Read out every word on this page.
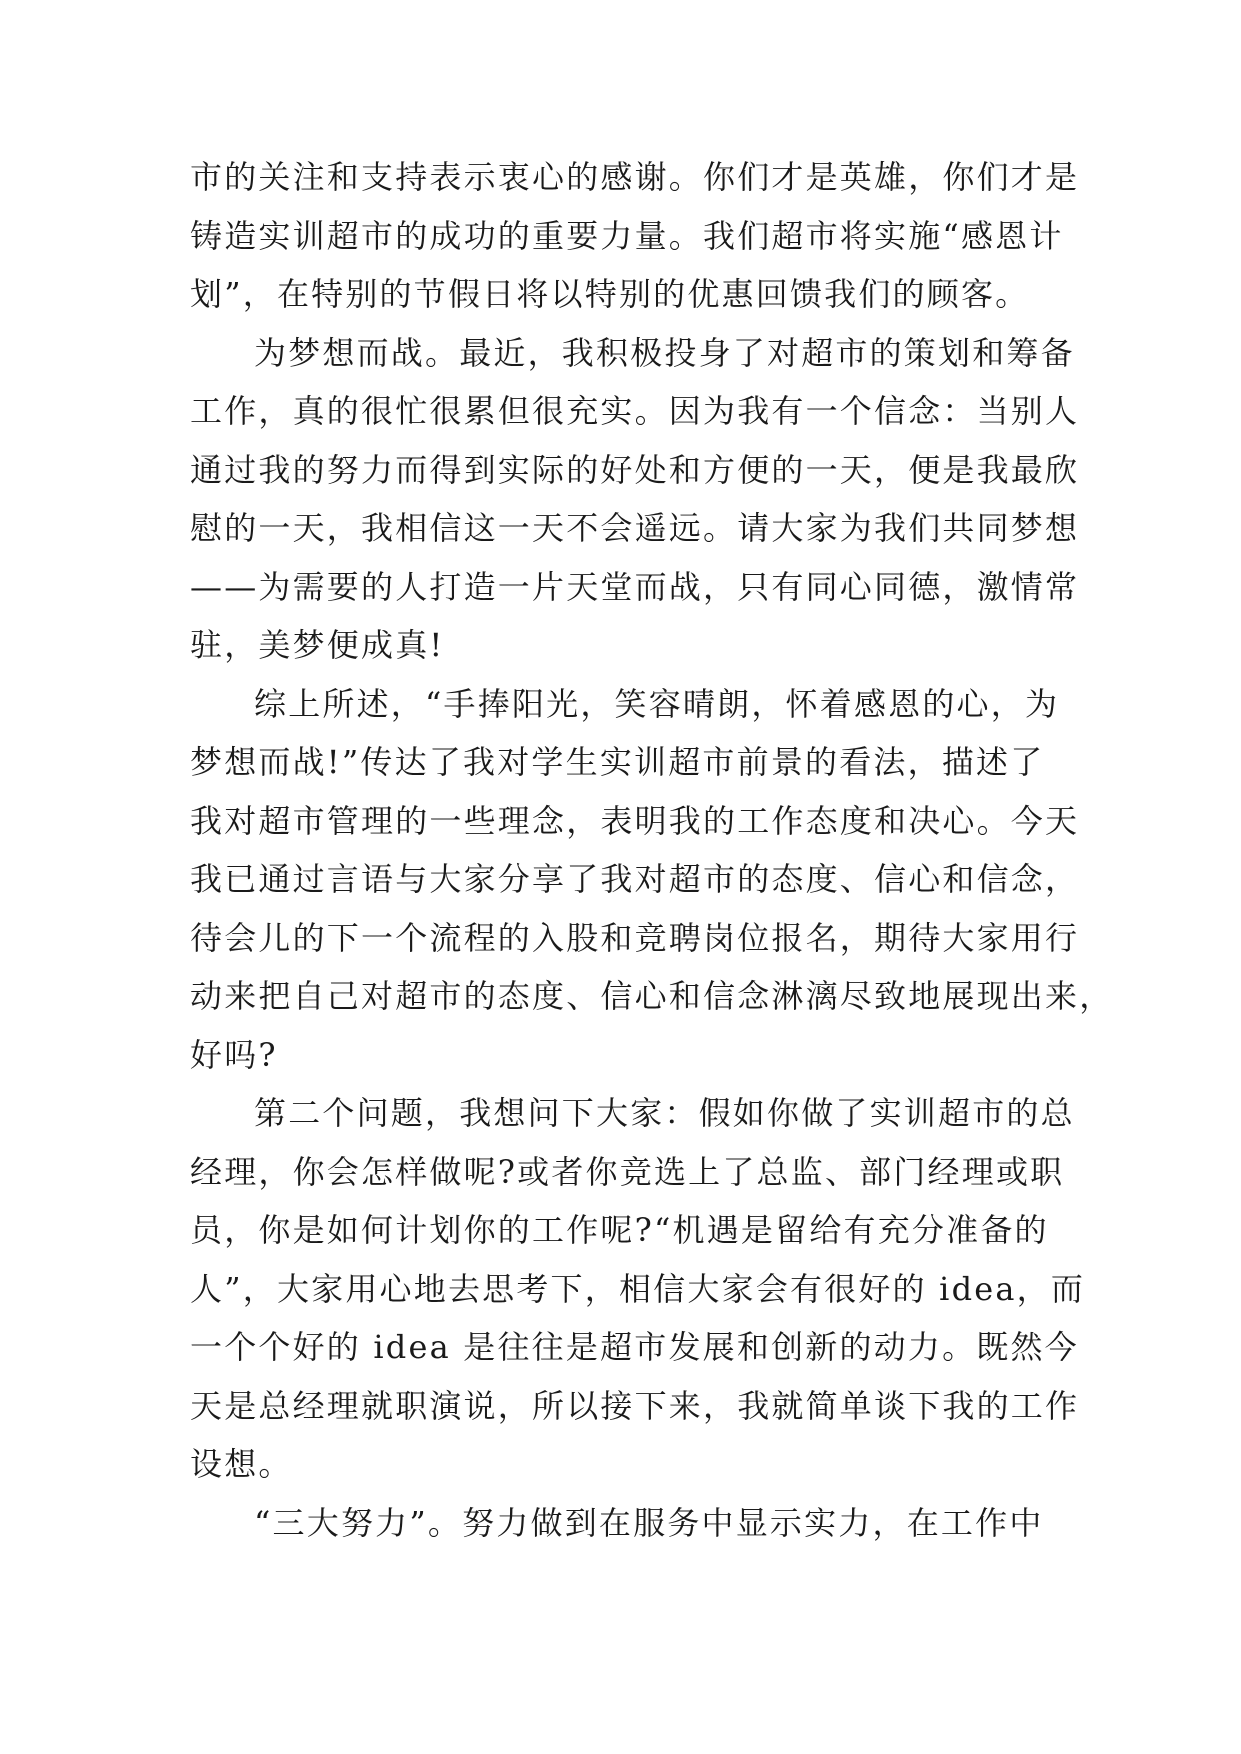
市的关注和支持表示衷心的感谢。你们才是英雄，你们才是
铸造实训超市的成功的重要力量。我们超市将实施“感恩计
划”，在特别的节假日将以特别的优惠回馈我们的顾客。
为梦想而战。最近，我积极投身了对超市的策划和筹备
工作，真的很忙很累但很充实。因为我有一个信念：当别人
通过我的努力而得到实际的好处和方便的一天，便是我最欣
慰的一天，我相信这一天不会遥远。请大家为我们共同梦想
——为需要的人打造一片天堂而战，只有同心同德，激情常
驻，美梦便成真!
综上所述，“手捧阳光，笑容晴朗，怀着感恩的心，为
梦想而战!”传达了我对学生实训超市前景的看法，描述了
我对超市管理的一些理念，表明我的工作态度和决心。今天
我已通过言语与大家分享了我对超市的态度、信心和信念，
待会儿的下一个流程的入股和竞聘岗位报名，期待大家用行
动来把自己对超市的态度、信心和信念淋漓尽致地展现出来，
好吗?
第二个问题，我想问下大家：假如你做了实训超市的总
经理，你会怎样做呢?或者你竞选上了总监、部门经理或职
员，你是如何计划你的工作呢?“机遇是留给有充分准备的
人”，大家用心地去思考下，相信大家会有很好的 idea，而
一个个好的 idea 是往往是超市发展和创新的动力。既然今
天是总经理就职演说，所以接下来，我就简单谈下我的工作
设想。
“三大努力”。努力做到在服务中显示实力，在工作中
